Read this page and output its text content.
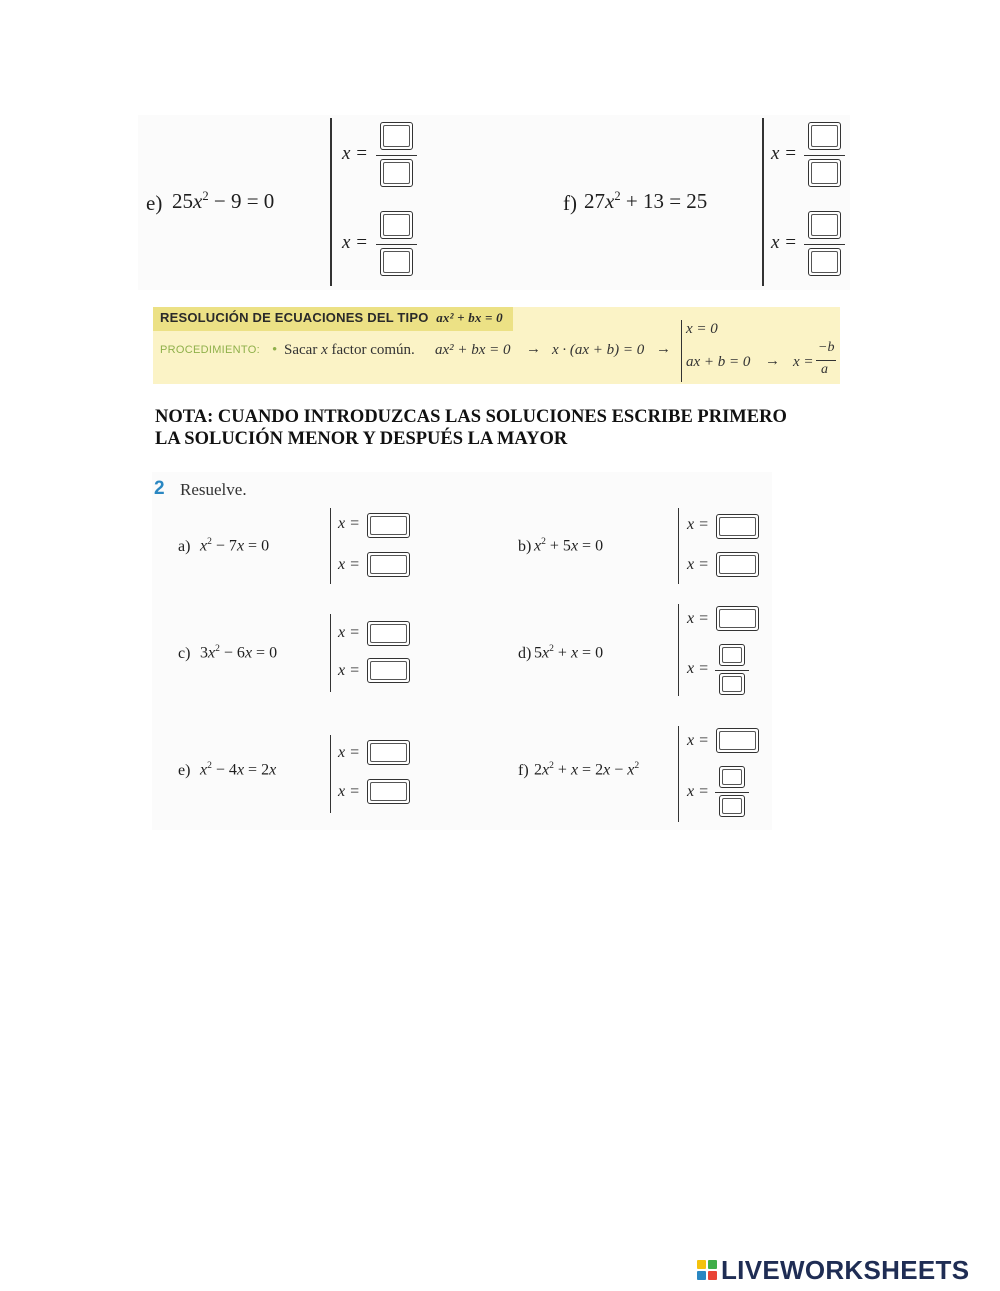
e) $25x^2 - 9 = 0$
x =
x =
f) $27x^2 + 13 = 25$
x =
x =
RESOLUCIÓN DE ECUACIONES DEL TIPO ax² + bx = 0
PROCEDIMIENTO: • Sacar x factor común. ax² + bx = 0 → x · (ax + b) = 0 →
x = 0
ax + b = 0 → x =
−b
a
NOTA: CUANDO INTRODUZCAS LAS SOLUCIONES ESCRIBE PRIMERO
LA SOLUCIÓN MENOR Y DESPUÉS LA MAYOR
2 Resuelve.
a) $x^2 - 7x = 0$
x =
x =
b) $x^2 + 5x = 0$
x =
x =
c) $3x^2 - 6x = 0$
x =
x =
d) $5x^2 + x = 0$
x =
x =
e) $x^2 - 4x = 2x$
x =
x =
f) $2x^2 + x = 2x - x^2$
x =
x =
LIVEWORKSHEETS
